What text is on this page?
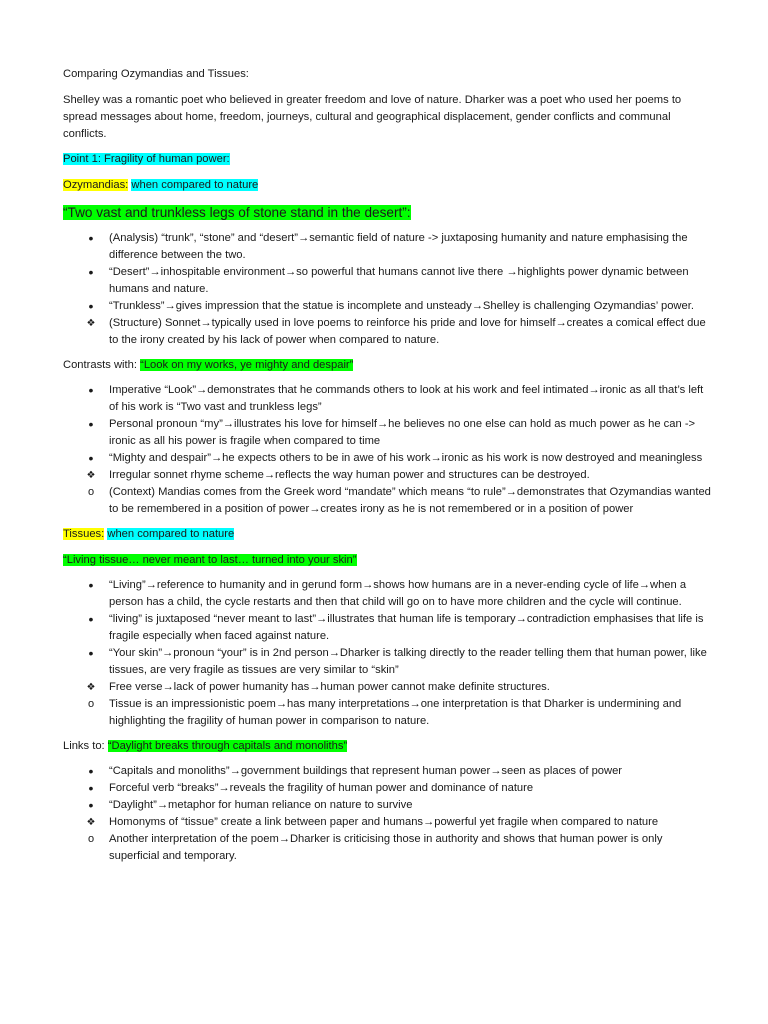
Comparing Ozymandias and Tissues:

Shelley was a romantic poet who believed in greater freedom and love of nature. Dharker was a poet who used her poems to spread messages about home, freedom, journeys, cultural and geographical displacement, gender conflicts and communal conflicts.

Point 1: Fragility of human power:

Ozymandias: when compared to nature

“Two vast and trunkless legs of stone stand in the desert”:

•
(Analysis) “trunk”, “stone” and “desert”→semantic field of nature -> juxtaposing humanity and nature emphasising the difference between the two.
•
“Desert”→inhospitable environment→so powerful that humans cannot live there →highlights power dynamic between humans and nature.
•
“Trunkless”→gives impression that the statue is incomplete and unsteady→Shelley is challenging Ozymandias’ power.
❖
(Structure) Sonnet→typically used in love poems to reinforce his pride and love for himself→creates a comical effect due to the irony created by his lack of power when compared to nature.

Contrasts with: “Look on my works, ye mighty and despair”

•
Imperative “Look”→demonstrates that he commands others to look at his work and feel intimated→ironic as all that’s left of his work is “Two vast and trunkless legs”
•
Personal pronoun “my”→illustrates his love for himself→he believes no one else can hold as much power as he can -> ironic as all his power is fragile when compared to time
•
“Mighty and despair”→he expects others to be in awe of his work→ironic as his work is now destroyed and meaningless
❖
Irregular sonnet rhyme scheme→reflects the way human power and structures can be destroyed.
o
(Context) Mandias comes from the Greek word “mandate” which means “to rule”→demonstrates that Ozymandias wanted to be remembered in a position of power→creates irony as he is not remembered or in a position of power

Tissues: when compared to nature

“Living tissue… never meant to last… turned into your skin”

•
“Living”→reference to humanity and in gerund form→shows how humans are in a never-ending cycle of life→when a person has a child, the cycle restarts and then that child will go on to have more children and the cycle will continue.
•
“living” is juxtaposed “never meant to last”→illustrates that human life is temporary→contradiction emphasises that life is fragile especially when faced against nature.
•
“Your skin”→pronoun “your” is in 2nd person→Dharker is talking directly to the reader telling them that human power, like tissues, are very fragile as tissues are very similar to “skin”
❖
Free verse→lack of power humanity has→human power cannot make definite structures.
o
Tissue is an impressionistic poem→has many interpretations→one interpretation is that Dharker is undermining and highlighting the fragility of human power in comparison to nature.

Links to: “Daylight breaks through capitals and monoliths”

•
“Capitals and monoliths”→government buildings that represent human power→seen as places of power
•
Forceful verb “breaks”→reveals the fragility of human power and dominance of nature
•
“Daylight”→metaphor for human reliance on nature to survive
❖
Homonyms of “tissue” create a link between paper and humans→powerful yet fragile when compared to nature
o
Another interpretation of the poem→Dharker is criticising those in authority and shows that human power is only superficial and temporary.
